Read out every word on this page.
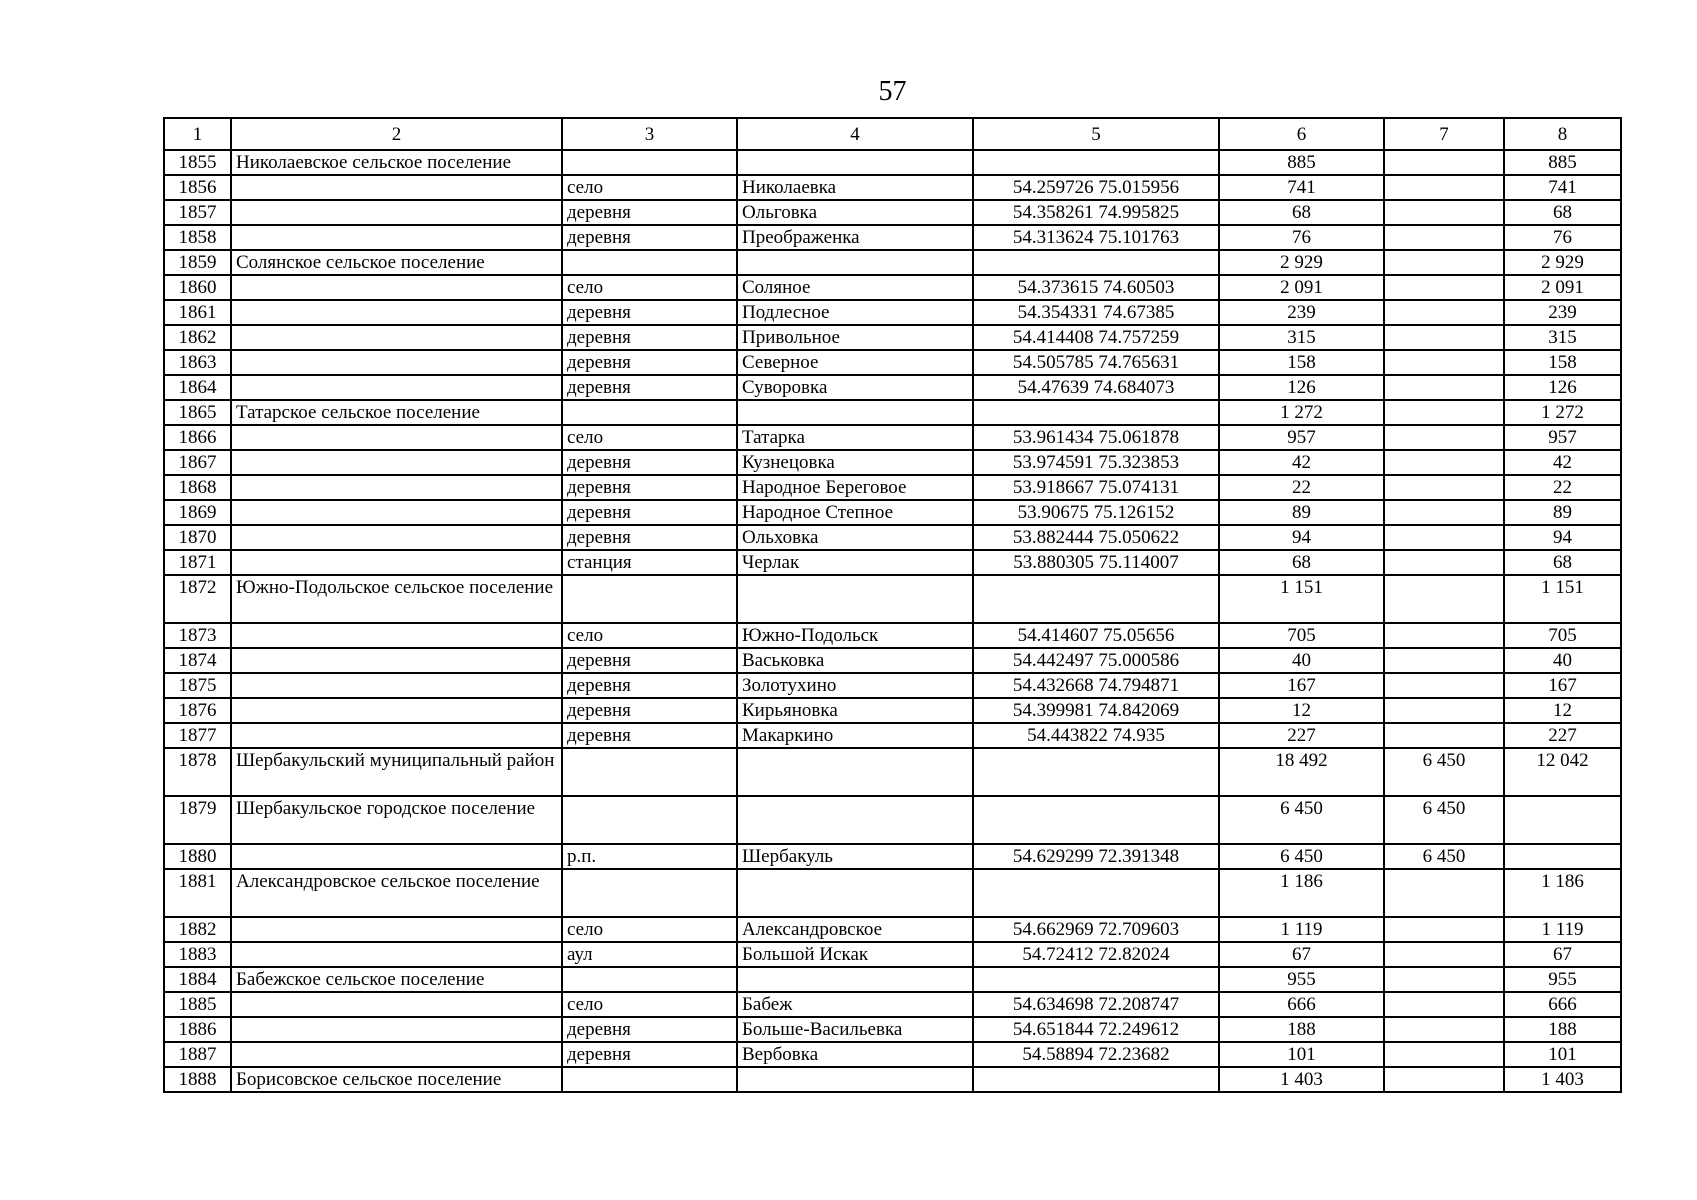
57
1	2	3	4	5	6	7	8
1855	Николаевское сельское поселение				885		885
1856		село	Николаевка	54.259726 75.015956	741		741
1857		деревня	Ольговка	54.358261 74.995825	68		68
1858		деревня	Преображенка	54.313624 75.101763	76		76
1859	Солянское сельское поселение				2 929		2 929
1860		село	Соляное	54.373615 74.60503	2 091		2 091
1861		деревня	Подлесное	54.354331 74.67385	239		239
1862		деревня	Привольное	54.414408 74.757259	315		315
1863		деревня	Северное	54.505785 74.765631	158		158
1864		деревня	Суворовка	54.47639 74.684073	126		126
1865	Татарское сельское поселение				1 272		1 272
1866		село	Татарка	53.961434 75.061878	957		957
1867		деревня	Кузнецовка	53.974591 75.323853	42		42
1868		деревня	Народное Береговое	53.918667 75.074131	22		22
1869		деревня	Народное Степное	53.90675 75.126152	89		89
1870		деревня	Ольховка	53.882444 75.050622	94		94
1871		станция	Черлак	53.880305 75.114007	68		68
1872	Южно-Подольское сельское поселение				1 151		1 151
1873		село	Южно-Подольск	54.414607 75.05656	705		705
1874		деревня	Васьковка	54.442497 75.000586	40		40
1875		деревня	Золотухино	54.432668 74.794871	167		167
1876		деревня	Кирьяновка	54.399981 74.842069	12		12
1877		деревня	Макаркино	54.443822 74.935	227		227
1878	Шербакульский муниципальный район				18 492	6 450	12 042
1879	Шербакульское городское поселение				6 450	6 450	
1880		р.п.	Шербакуль	54.629299 72.391348	6 450	6 450	
1881	Александровское сельское поселение				1 186		1 186
1882		село	Александровское	54.662969 72.709603	1 119		1 119
1883		аул	Большой Искак	54.72412 72.82024	67		67
1884	Бабежское сельское поселение				955		955
1885		село	Бабеж	54.634698 72.208747	666		666
1886		деревня	Больше-Васильевка	54.651844 72.249612	188		188
1887		деревня	Вербовка	54.58894 72.23682	101		101
1888	Борисовское сельское поселение				1 403		1 403
